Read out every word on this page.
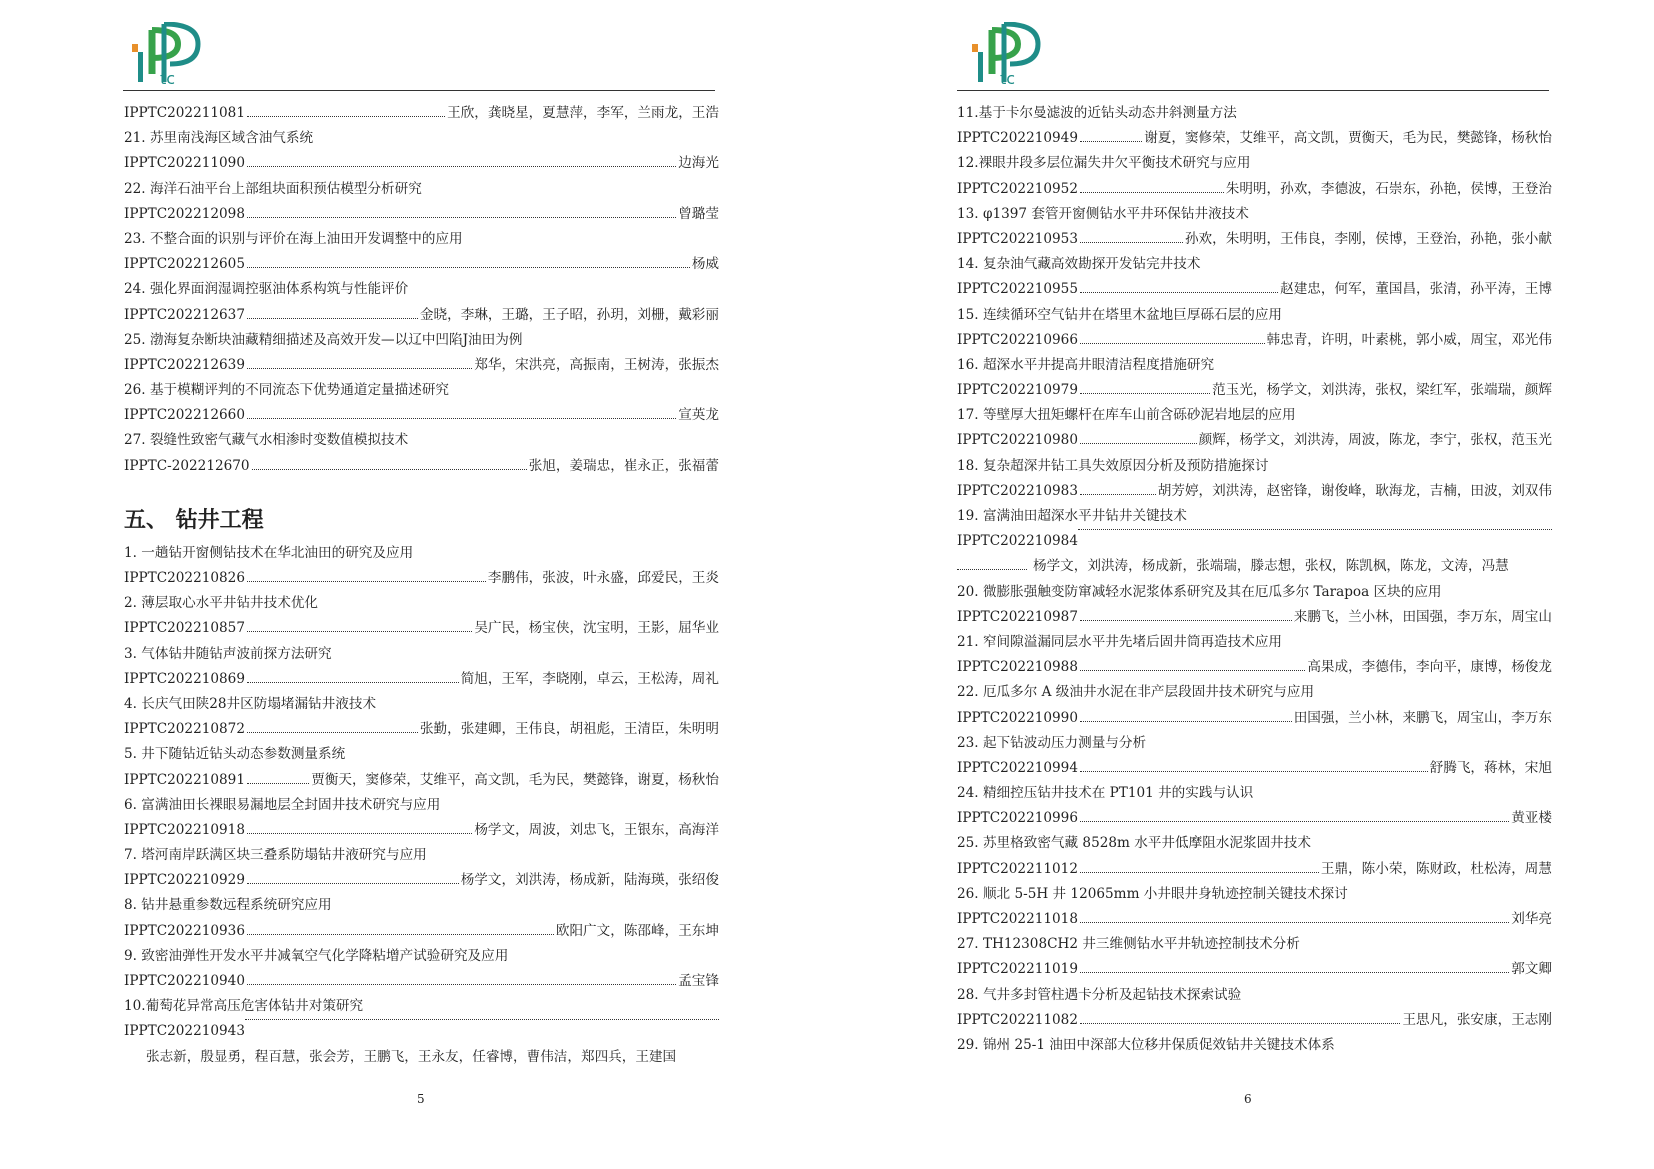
tc
IPPTC202211081	王欣，龚晓星，夏慧萍，李军，兰雨龙，王浩
21. 苏里南浅海区域含油气系统
IPPTC202211090	边海光
22. 海洋石油平台上部组块面积预估模型分析研究
IPPTC202212098	曾璐莹
23. 不整合面的识别与评价在海上油田开发调整中的应用
IPPTC202212605	杨威
24. 强化界面润湿调控驱油体系构筑与性能评价
IPPTC202212637	金晓，李琳，王璐，王子昭，孙玥，刘栅，戴彩丽
25. 渤海复杂断块油藏精细描述及高效开发—以辽中凹陷J油田为例
IPPTC202212639	郑华，宋洪亮，高振南，王树涛，张振杰
26. 基于模糊评判的不同流态下优势通道定量描述研究
IPPTC202212660	宣英龙
27. 裂缝性致密气藏气水相渗时变数值模拟技术
IPPTC-202212670	张旭，姜瑞忠，崔永正，张福蕾
五、 钻井工程
1. 一趟钻开窗侧钻技术在华北油田的研究及应用
IPPTC202210826	李鹏伟，张波，叶永盛，邱爱民，王炎
2. 薄层取心水平井钻井技术优化
IPPTC202210857	吴广民，杨宝侠，沈宝明，王影，屈华业
3. 气体钻井随钻声波前探方法研究
IPPTC202210869	简旭，王军，李晓刚，卓云，王松涛，周礼
4. 长庆气田陕28井区防塌堵漏钻井液技术
IPPTC202210872	张勤，张建卿，王伟良，胡祖彪，王清臣，朱明明
5. 井下随钻近钻头动态参数测量系统
IPPTC202210891	贾衡天，窦修荣，艾维平，高文凯，毛为民，樊懿锋，谢夏，杨秋怡
6. 富满油田长裸眼易漏地层全封固井技术研究与应用
IPPTC202210918	杨学文，周波，刘忠飞，王银东，高海洋
7. 塔河南岸跃满区块三叠系防塌钻井液研究与应用
IPPTC202210929	杨学文，刘洪涛，杨成新，陆海瑛，张绍俊
8. 钻井悬重参数远程系统研究应用
IPPTC202210936	欧阳广文，陈邵峰，王东坤
9. 致密油弹性开发水平井减氧空气化学降粘增产试验研究及应用
IPPTC202210940	孟宝锋
10.葡萄花异常高压危害体钻井对策研究
IPPTC202210943
张志新，殷显勇，程百慧，张会芳，王鹏飞，王永友，任睿博，曹伟洁，郑四兵，王建国
5
tc
11.基于卡尔曼滤波的近钻头动态井斜测量方法
IPPTC202210949	谢夏，窦修荣，艾维平，高文凯，贾衡天，毛为民，樊懿锋，杨秋怡
12.裸眼井段多层位漏失井欠平衡技术研究与应用
IPPTC202210952	朱明明，孙欢，李德波，石崇东，孙艳，侯博，王登治
13. φ1397 套管开窗侧钻水平井环保钻井液技术
IPPTC202210953	孙欢，朱明明，王伟良，李刚，侯博，王登治，孙艳，张小献
14. 复杂油气藏高效勘探开发钻完井技术
IPPTC202210955	赵建忠，何军，董国昌，张清，孙平涛，王博
15. 连续循环空气钻井在塔里木盆地巨厚砾石层的应用
IPPTC202210966	韩忠青，许明，叶素桃，郭小威，周宝，邓光伟
16. 超深水平井提高井眼清洁程度措施研究
IPPTC202210979	范玉光，杨学文，刘洪涛，张权，梁红军，张端瑞，颜辉
17. 等壁厚大扭矩螺杆在库车山前含砾砂泥岩地层的应用
IPPTC202210980	颜辉，杨学文，刘洪涛，周波，陈龙，李宁，张权，范玉光
18. 复杂超深井钻工具失效原因分析及预防措施探讨
IPPTC202210983	胡芳婷，刘洪涛，赵密锋，谢俊峰，耿海龙，吉楠，田波，刘双伟
19. 富满油田超深水平井钻井关键技术
IPPTC202210984
杨学文，刘洪涛，杨成新，张端瑞，滕志想，张权，陈凯枫，陈龙，文涛，冯慧
20. 微膨胀强触变防窜减轻水泥浆体系研究及其在厄瓜多尔 Tarapoa 区块的应用
IPPTC202210987	来鹏飞，兰小林，田国强，李万东，周宝山
21. 窄间隙溢漏同层水平井先堵后固井筒再造技术应用
IPPTC202210988	高果成，李德伟，李向平，康博，杨俊龙
22. 厄瓜多尔 A 级油井水泥在非产层段固井技术研究与应用
IPPTC202210990	田国强，兰小林，来鹏飞，周宝山，李万东
23. 起下钻波动压力测量与分析
IPPTC202210994	舒腾飞，蒋林，宋旭
24. 精细控压钻井技术在 PT101 井的实践与认识
IPPTC202210996	黄亚楼
25. 苏里格致密气藏 8528m 水平井低摩阻水泥浆固井技术
IPPTC202211012	王鼎，陈小荣，陈财政，杜松涛，周慧
26. 顺北 5-5H 井 12065mm 小井眼井身轨迹控制关键技术探讨
IPPTC202211018	刘华亮
27. TH12308CH2 井三维侧钻水平井轨迹控制技术分析
IPPTC202211019	郭文卿
28. 气井多封管柱遇卡分析及起钻技术探索试验
IPPTC202211082	王思凡，张安康，王志刚
29. 锦州 25-1 油田中深部大位移井保质促效钻井关键技术体系
6
